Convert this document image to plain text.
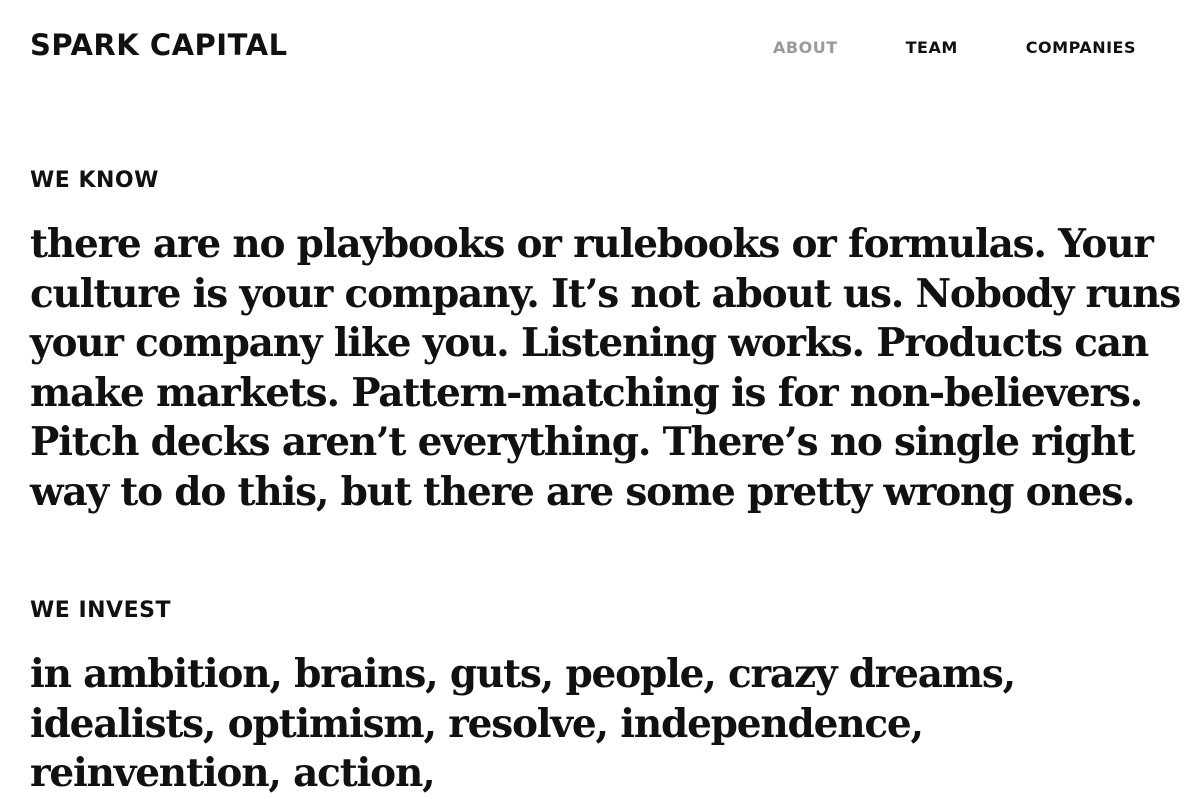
SPARK CAPITAL	ABOUT	TEAM	COMPANIES
WE KNOW

there are no playbooks or rulebooks or formulas. Your culture is your company. It’s not about us. Nobody runs your company like you. Listening works. Products can make markets. Pattern-matching is for non-believers. Pitch decks aren’t everything. There’s no single right way to do this, but there are some pretty wrong ones.

WE INVEST

in ambition, brains, guts, people, crazy dreams, idealists, optimism, resolve, independence, reinvention, action,
